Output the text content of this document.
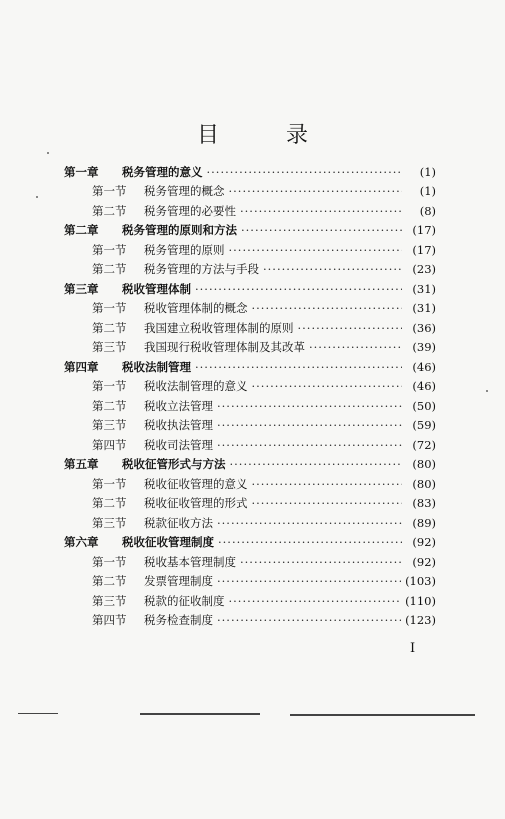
目 录
第一章	税务管理的意义 ·····	(1)
第一节	税务管理的概念 ·····	(1)
第二节	税务管理的必要性 ·····	(8)
第二章	税务管理的原则和方法 ·····	(17)
第一节	税务管理的原则 ·····	(17)
第二节	税务管理的方法与手段 ·····	(23)
第三章	税收管理体制 ·····	(31)
第一节	税收管理体制的概念 ·····	(31)
第二节	我国建立税收管理体制的原则 ·····	(36)
第三节	我国现行税收管理体制及其改革 ·····	(39)
第四章	税收法制管理 ·····	(46)
第一节	税收法制管理的意义 ·····	(46)
第二节	税收立法管理 ·····	(50)
第三节	税收执法管理 ·····	(59)
第四节	税收司法管理 ·····	(72)
第五章	税收征管形式与方法 ·····	(80)
第一节	税收征收管理的意义 ·····	(80)
第二节	税收征收管理的形式 ·····	(83)
第三节	税款征收方法 ·····	(89)
第六章	税收征收管理制度 ·····	(92)
第一节	税收基本管理制度 ·····	(92)
第二节	发票管理制度 ·····	(103)
第三节	税款的征收制度 ·····	(110)
第四节	税务检查制度 ·····	(123)
I
